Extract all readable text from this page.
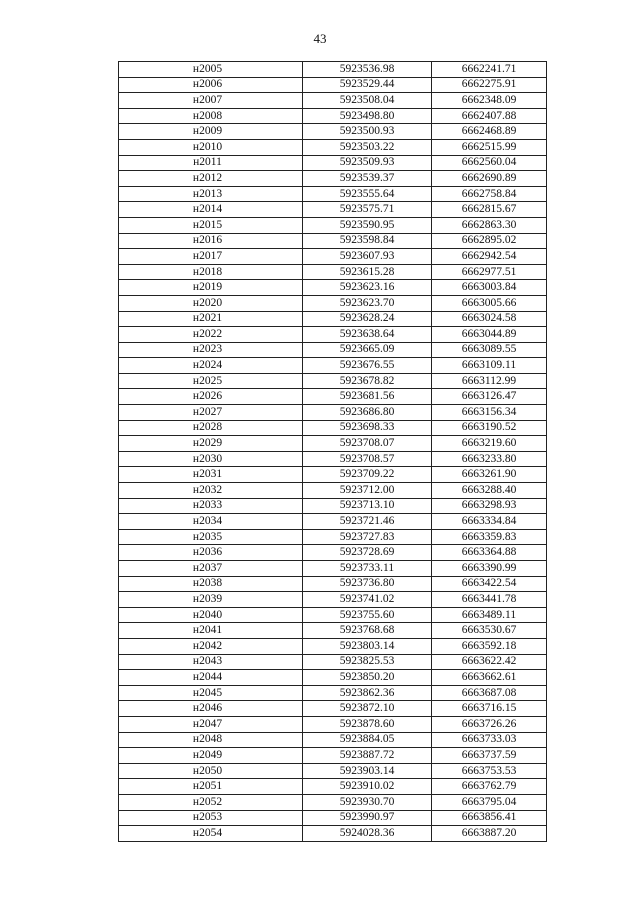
43
н2005	5923536.98	6662241.71
н2006	5923529.44	6662275.91
н2007	5923508.04	6662348.09
н2008	5923498.80	6662407.88
н2009	5923500.93	6662468.89
н2010	5923503.22	6662515.99
н2011	5923509.93	6662560.04
н2012	5923539.37	6662690.89
н2013	5923555.64	6662758.84
н2014	5923575.71	6662815.67
н2015	5923590.95	6662863.30
н2016	5923598.84	6662895.02
н2017	5923607.93	6662942.54
н2018	5923615.28	6662977.51
н2019	5923623.16	6663003.84
н2020	5923623.70	6663005.66
н2021	5923628.24	6663024.58
н2022	5923638.64	6663044.89
н2023	5923665.09	6663089.55
н2024	5923676.55	6663109.11
н2025	5923678.82	6663112.99
н2026	5923681.56	6663126.47
н2027	5923686.80	6663156.34
н2028	5923698.33	6663190.52
н2029	5923708.07	6663219.60
н2030	5923708.57	6663233.80
н2031	5923709.22	6663261.90
н2032	5923712.00	6663288.40
н2033	5923713.10	6663298.93
н2034	5923721.46	6663334.84
н2035	5923727.83	6663359.83
н2036	5923728.69	6663364.88
н2037	5923733.11	6663390.99
н2038	5923736.80	6663422.54
н2039	5923741.02	6663441.78
н2040	5923755.60	6663489.11
н2041	5923768.68	6663530.67
н2042	5923803.14	6663592.18
н2043	5923825.53	6663622.42
н2044	5923850.20	6663662.61
н2045	5923862.36	6663687.08
н2046	5923872.10	6663716.15
н2047	5923878.60	6663726.26
н2048	5923884.05	6663733.03
н2049	5923887.72	6663737.59
н2050	5923903.14	6663753.53
н2051	5923910.02	6663762.79
н2052	5923930.70	6663795.04
н2053	5923990.97	6663856.41
н2054	5924028.36	6663887.20
